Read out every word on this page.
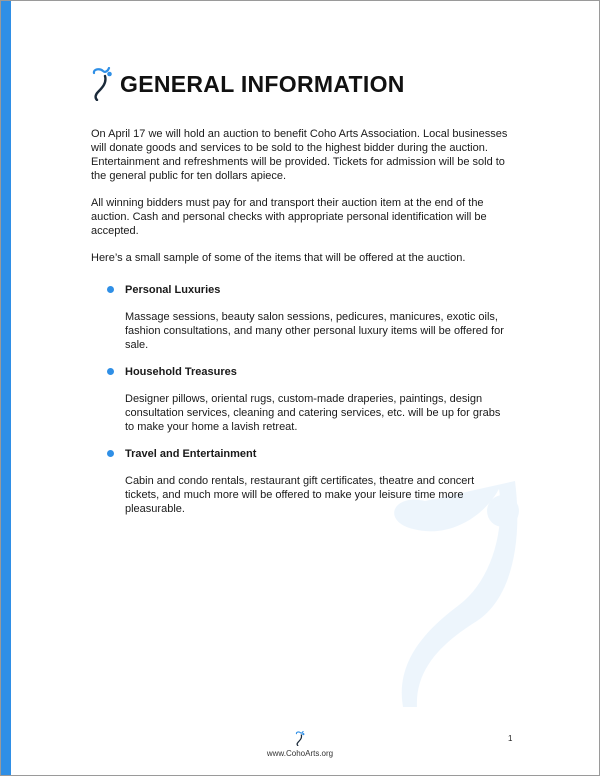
GENERAL INFORMATION

On April 17 we will hold an auction to benefit Coho Arts Association. Local businesses will donate goods and services to be sold to the highest bidder during the auction. Entertainment and refreshments will be provided. Tickets for admission will be sold to the general public for ten dollars apiece.

All winning bidders must pay for and transport their auction item at the end of the auction. Cash and personal checks with appropriate personal identification will be accepted.

Here’s a small sample of some of the items that will be offered at the auction.

Personal Luxuries

Massage sessions, beauty salon sessions, pedicures, manicures, exotic oils, fashion consultations, and many other personal luxury items will be offered for sale.

Household Treasures

Designer pillows, oriental rugs, custom-made draperies, paintings, design consultation services, cleaning and catering services, etc. will be up for grabs to make your home a lavish retreat.

Travel and Entertainment

Cabin and condo rentals, restaurant gift certificates, theatre and concert tickets, and much more will be offered to make your leisure time more pleasurable.

www.CohoArts.org
1
